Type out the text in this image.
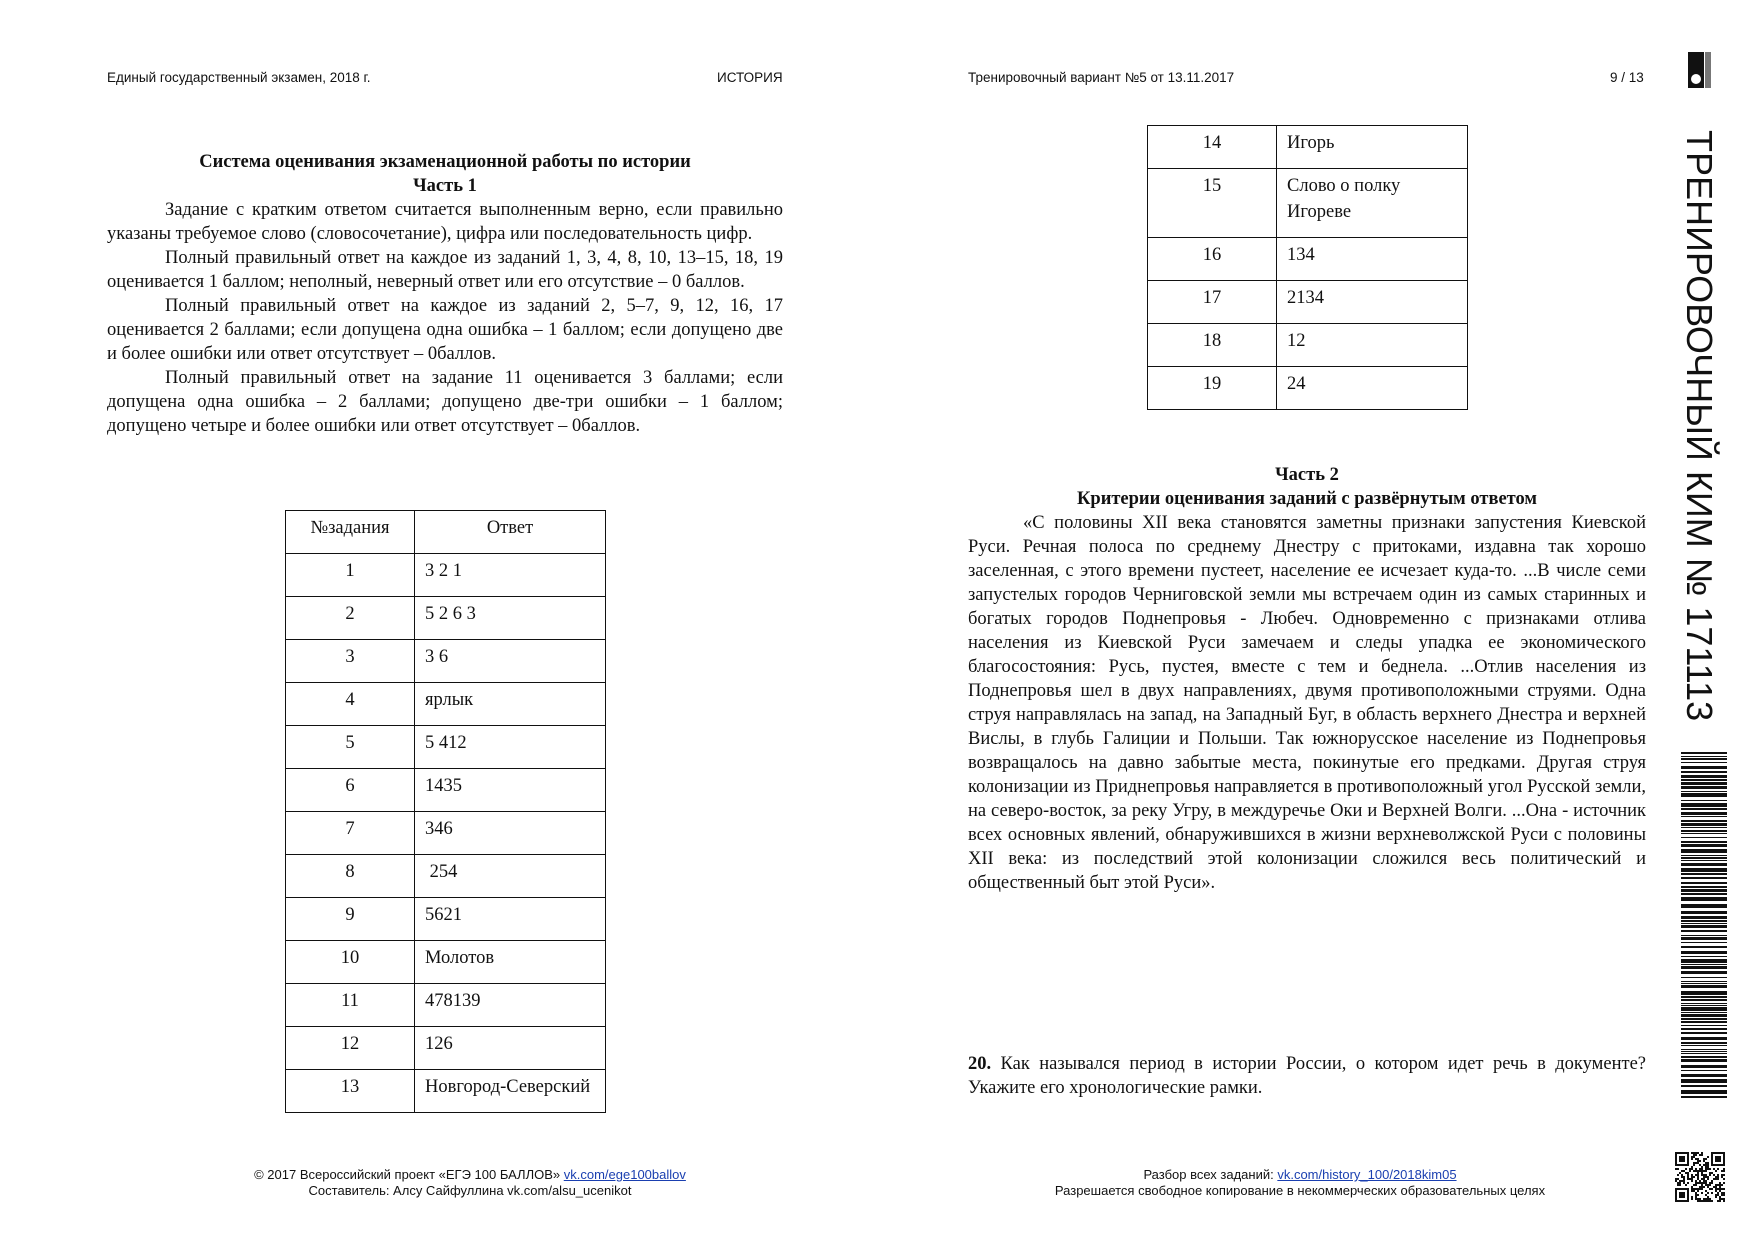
Единый государственный экзамен, 2018 г.	ИСТОРИЯ	Тренировочный вариант №5 от 13.11.2017	9 / 13
Система оценивания экзаменационной работы по истории
Часть 1

Задание с кратким ответом считается выполненным верно, если правильно указаны требуемое слово (словосочетание), цифра или последовательность цифр.

Полный правильный ответ на каждое из заданий 1, 3, 4, 8, 10, 13–15, 18, 19 оценивается 1 баллом; неполный, неверный ответ или его отсутствие – 0 баллов.

Полный правильный ответ на каждое из заданий 2, 5–7, 9, 12, 16, 17 оценивается 2 баллами; если допущена одна ошибка – 1 баллом; если допущено две и более ошибки или ответ отсутствует – 0баллов.

Полный правильный ответ на задание 11 оценивается 3 баллами; если допущена одна ошибка – 2 баллами; допущено две-три ошибки – 1 баллом; допущено четыре и более ошибки или ответ отсутствует – 0баллов.

№задания	Ответ
1	3 2 1
2	5 2 6 3
3	3 6
4	ярлык
5	5 412
6	1435
7	346
8	254
9	5621
10	Молотов
11	478139
12	126
13	Новгород-Северский
14	Игорь
15	Слово о полку Игореве
16	134
17	2134
18	12
19	24
Часть 2
Критерии оценивания заданий с развёрнутым ответом

«С половины XII века становятся заметны признаки запустения Киевской Руси. Речная полоса по среднему Днестру с притоками, издавна так хорошо заселенная, с этого времени пустеет, население ее исчезает куда-то. ...В числе семи запустелых городов Черниговской земли мы встречаем один из самых старинных и богатых городов Поднепровья - Любеч. Одновременно с признаками отлива населения из Киевской Руси замечаем и следы упадка ее экономического благосостояния: Русь, пустея, вместе с тем и беднела. ...Отлив населения из Поднепровья шел в двух направлениях, двумя противоположными струями. Одна струя направлялась на запад, на Западный Буг, в область верхнего Днестра и верхней Вислы, в глубь Галиции и Польши. Так южнорусское население из Поднепровья возвращалось на давно забытые места, покинутые его предками. Другая струя колонизации из Приднепровья направляется в противоположный угол Русской земли, на северо-восток, за реку Угру, в междуречье Оки и Верхней Волги. ...Она - источник всех основных явлений, обнаружившихся в жизни верхневолжской Руси с половины XII века: из последствий этой колонизации сложился весь политический и общественный быт этой Руси».

20. Как назывался период в истории России, о котором идет речь в документе? Укажите его хронологические рамки.
© 2017 Всероссийский проект «ЕГЭ 100 БАЛЛОВ» vk.com/ege100ballov
Составитель: Алсу Сайфуллина vk.com/alsu_ucenikot
Разбор всех заданий: vk.com/history_100/2018kim05
Разрешается свободное копирование в некоммерческих образовательных целях
ТРЕНИРОВОЧНЫЙ КИМ № 171113
